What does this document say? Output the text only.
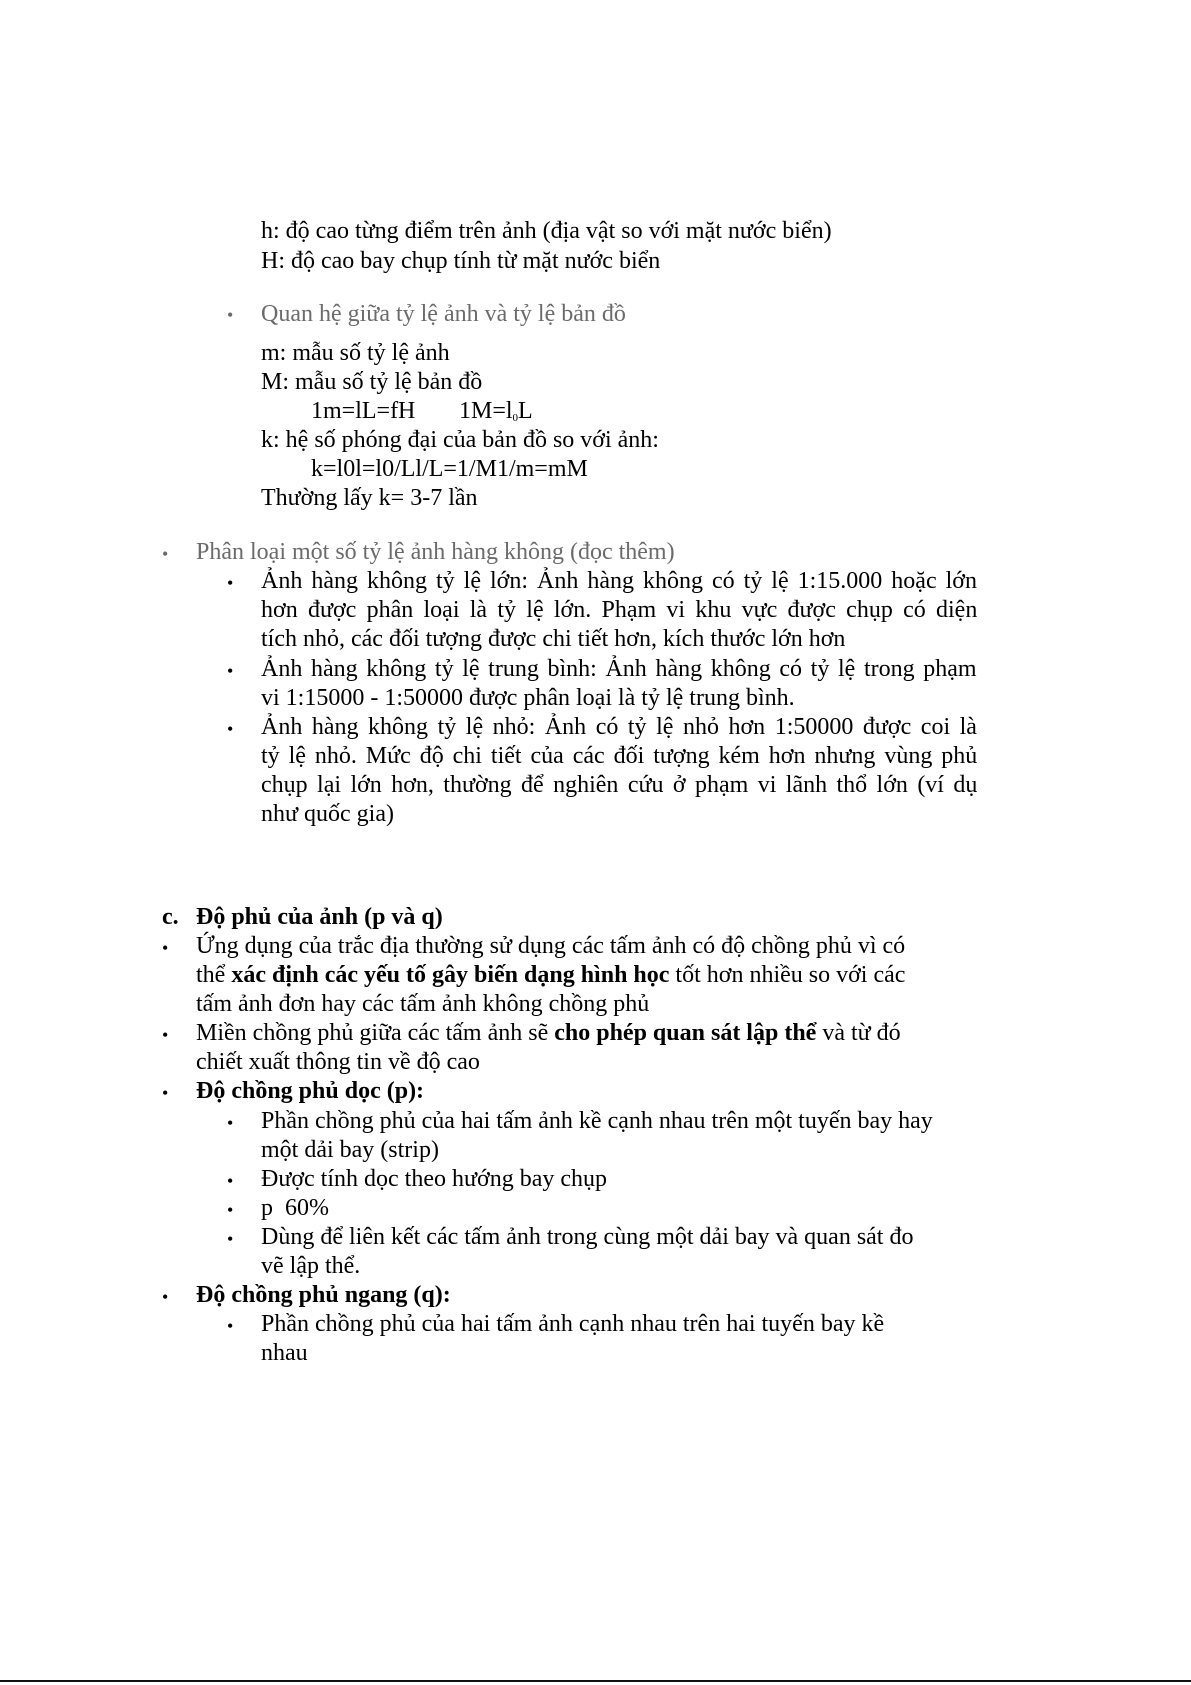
h: độ cao từng điểm trên ảnh (địa vật so với mặt nước biển)
H: độ cao bay chụp tính từ mặt nước biển
• Quan hệ giữa tỷ lệ ảnh và tỷ lệ bản đồ
m: mẫu số tỷ lệ ảnh
M: mẫu số tỷ lệ bản đồ
1m=lL=fH $1M=l_0L$
k: hệ số phóng đại của bản đồ so với ảnh:
k=l0l=l0/Ll/L=1/M1/m=mM
Thường lấy k= 3-7 lần
• Phân loại một số tỷ lệ ảnh hàng không (đọc thêm)
• Ảnh hàng không tỷ lệ lớn: Ảnh hàng không có tỷ lệ 1:15.000 hoặc lớn
hơn được phân loại là tỷ lệ lớn. Phạm vi khu vực được chụp có diện
tích nhỏ, các đối tượng được chi tiết hơn, kích thước lớn hơn
• Ảnh hàng không tỷ lệ trung bình: Ảnh hàng không có tỷ lệ trong phạm
vi 1:15000 - 1:50000 được phân loại là tỷ lệ trung bình.
• Ảnh hàng không tỷ lệ nhỏ: Ảnh có tỷ lệ nhỏ hơn 1:50000 được coi là
tỷ lệ nhỏ. Mức độ chi tiết của các đối tượng kém hơn nhưng vùng phủ
chụp lại lớn hơn, thường để nghiên cứu ở phạm vi lãnh thổ lớn (ví dụ
như quốc gia)
c. Độ phủ của ảnh (p và q)
• Ứng dụng của trắc địa thường sử dụng các tấm ảnh có độ chồng phủ vì có
thể xác định các yếu tố gây biến dạng hình học tốt hơn nhiều so với các
tấm ảnh đơn hay các tấm ảnh không chồng phủ
• Miền chồng phủ giữa các tấm ảnh sẽ cho phép quan sát lập thể và từ đó
chiết xuất thông tin về độ cao
• Độ chồng phủ dọc (p):
• Phần chồng phủ của hai tấm ảnh kề cạnh nhau trên một tuyến bay hay
một dải bay (strip)
• Được tính dọc theo hướng bay chụp
• p  60%
• Dùng để liên kết các tấm ảnh trong cùng một dải bay và quan sát đo
vẽ lập thể.
• Độ chồng phủ ngang (q):
• Phần chồng phủ của hai tấm ảnh cạnh nhau trên hai tuyến bay kề
nhau
